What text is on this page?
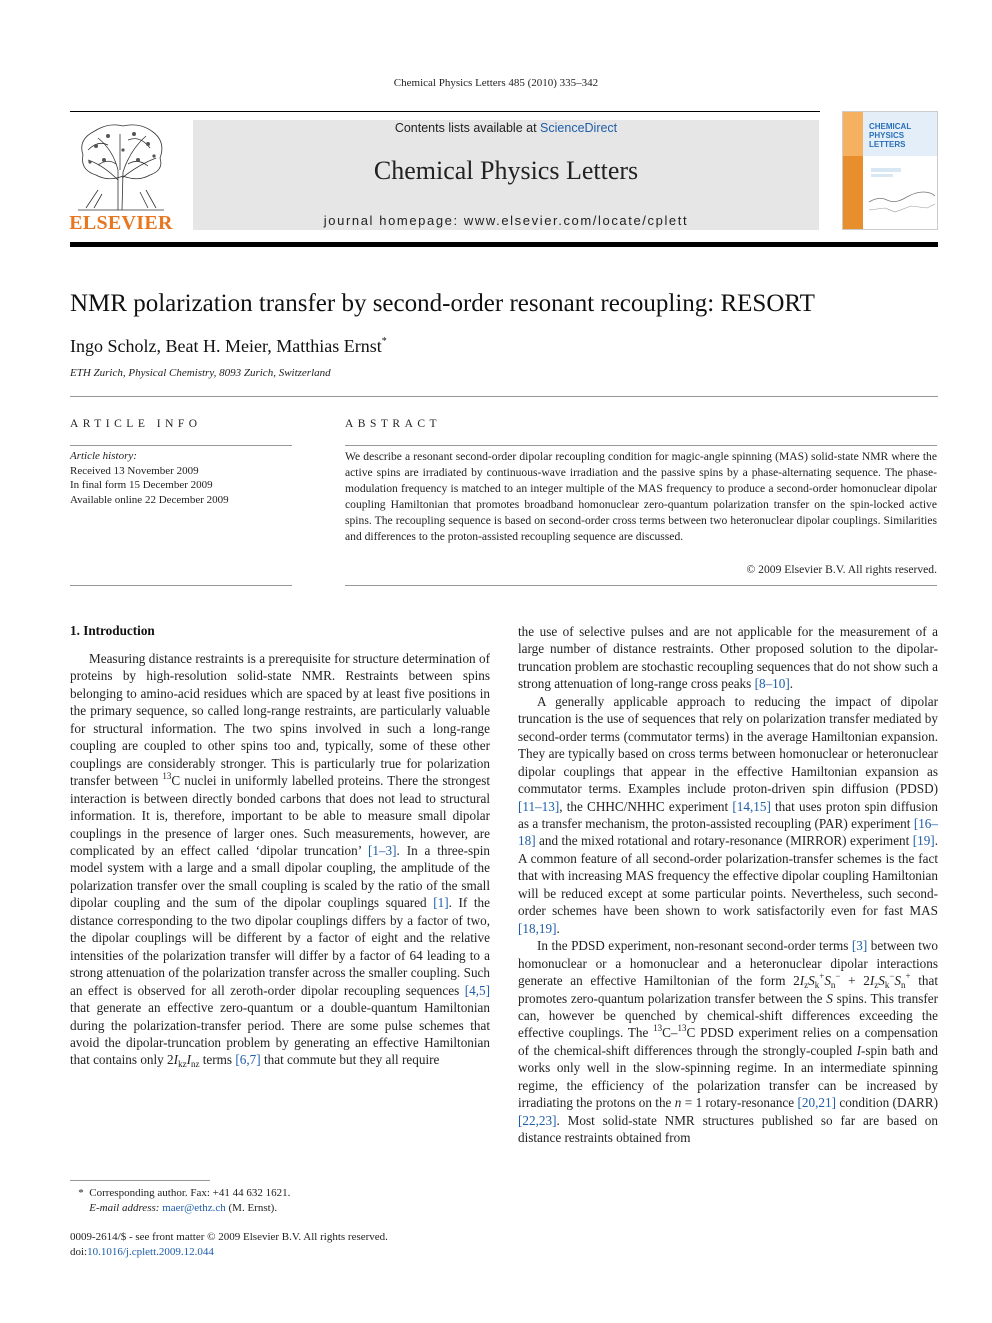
Chemical Physics Letters 485 (2010) 335–342
ELSEVIER
Contents lists available at ScienceDirect
Chemical Physics Letters
journal homepage: www.elsevier.com/locate/cplett
CHEMICAL
PHYSICS
LETTERS
NMR polarization transfer by second-order resonant recoupling: RESORT
Ingo Scholz, Beat H. Meier, Matthias Ernst*
ETH Zurich, Physical Chemistry, 8093 Zurich, Switzerland
ARTICLE INFO
Article history:
Received 13 November 2009
In final form 15 December 2009
Available online 22 December 2009
ABSTRACT
We describe a resonant second-order dipolar recoupling condition for magic-angle spinning (MAS) solid-state NMR where the active spins are irradiated by continuous-wave irradiation and the passive spins by a phase-alternating sequence. The phase-modulation frequency is matched to an integer multiple of the MAS frequency to produce a second-order homonuclear dipolar coupling Hamiltonian that promotes broadband homonuclear zero-quantum polarization transfer on the spin-locked active spins. The recoupling sequence is based on second-order cross terms between two heteronuclear dipolar couplings. Similarities and differences to the proton-assisted recoupling sequence are discussed.
© 2009 Elsevier B.V. All rights reserved.
1. Introduction

Measuring distance restraints is a prerequisite for structure determination of proteins by high-resolution solid-state NMR. Restraints between spins belonging to amino-acid residues which are spaced by at least five positions in the primary sequence, so called long-range restraints, are particularly valuable for structural information. The two spins involved in such a long-range coupling are coupled to other spins too and, typically, some of these other couplings are considerably stronger. This is particularly true for polarization transfer between $^{13}$C nuclei in uniformly labelled proteins. There the strongest interaction is between directly bonded carbons that does not lead to structural information. It is, therefore, important to be able to measure small dipolar couplings in the presence of larger ones. Such measurements, however, are complicated by an effect called ‘dipolar truncation’ [1–3]. In a three-spin model system with a large and a small dipolar coupling, the amplitude of the polarization transfer over the small coupling is scaled by the ratio of the small dipolar coupling and the sum of the dipolar couplings squared [1]. If the distance corresponding to the two dipolar couplings differs by a factor of two, the dipolar couplings will be different by a factor of eight and the relative intensities of the polarization transfer will differ by a factor of 64 leading to a strong attenuation of the polarization transfer across the smaller coupling. Such an effect is observed for all zeroth-order dipolar recoupling sequences [4,5] that generate an effective zero-quantum or a double-quantum Hamiltonian during the polarization-transfer period. There are some pulse schemes that avoid the dipolar-truncation problem by generating an effective Hamiltonian that contains only $2I_{kz}I_{nz}$ terms [6,7] that commute but they all require

the use of selective pulses and are not applicable for the measurement of a large number of distance restraints. Other proposed solution to the dipolar-truncation problem are stochastic recoupling sequences that do not show such a strong attenuation of long-range cross peaks [8–10].

A generally applicable approach to reducing the impact of dipolar truncation is the use of sequences that rely on polarization transfer mediated by second-order terms (commutator terms) in the average Hamiltonian expansion. They are typically based on cross terms between homonuclear or heteronuclear dipolar couplings that appear in the effective Hamiltonian expansion as commutator terms. Examples include proton-driven spin diffusion (PDSD) [11–13], the CHHC/NHHC experiment [14,15] that uses proton spin diffusion as a transfer mechanism, the proton-assisted recoupling (PAR) experiment [16–18] and the mixed rotational and rotary-resonance (MIRROR) experiment [19]. A common feature of all second-order polarization-transfer schemes is the fact that with increasing MAS frequency the effective dipolar coupling Hamiltonian will be reduced except at some particular points. Nevertheless, such second-order schemes have been shown to work satisfactorily even for fast MAS [18,19].

In the PDSD experiment, non-resonant second-order terms [3] between two homonuclear or a homonuclear and a heteronuclear dipolar interactions generate an effective Hamiltonian of the form $2I_zS_k^+S_n^- + 2I_zS_k^-S_n^+$ that promotes zero-quantum polarization transfer between the S spins. This transfer can, however be quenched by chemical-shift differences exceeding the effective couplings. The $^{13}$C–$^{13}$C PDSD experiment relies on a compensation of the chemical-shift differences through the strongly-coupled I-spin bath and works only well in the slow-spinning regime. In an intermediate spinning regime, the efficiency of the polarization transfer can be increased by irradiating the protons on the n = 1 rotary-resonance [20,21] condition (DARR) [22,23]. Most solid-state NMR structures published so far are based on distance restraints obtained from

* Corresponding author. Fax: +41 44 632 1621.
E-mail address: maer@ethz.ch (M. Ernst).
0009-2614/$ - see front matter © 2009 Elsevier B.V. All rights reserved.
doi:10.1016/j.cplett.2009.12.044
